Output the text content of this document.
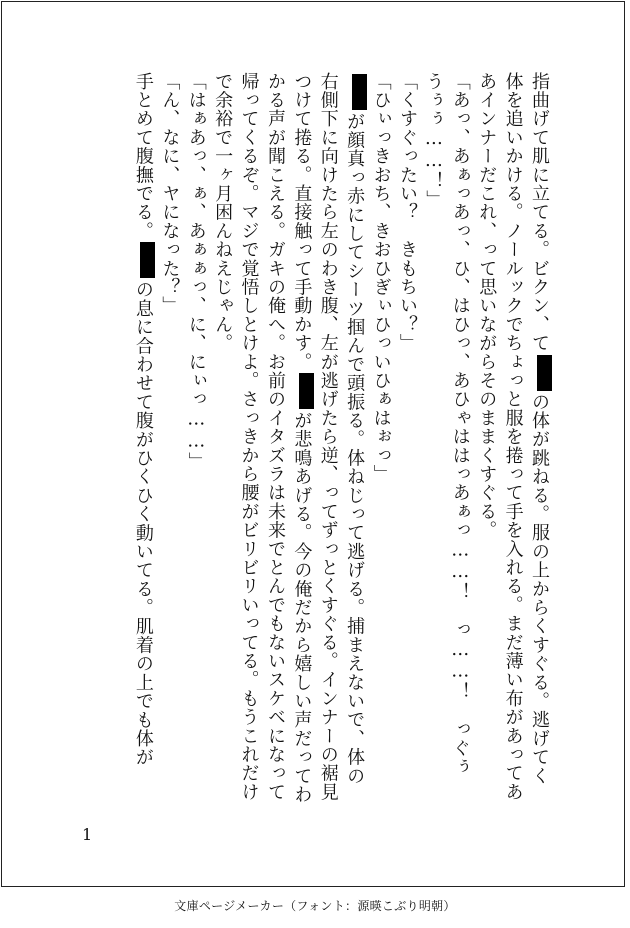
指曲げて肌に立てる。ビクン、ての体が跳ねる。服の上からくすぐる。逃げてく
体を追いかける。ノールックでちょっと服を捲って手を入れる。まだ薄い布があってあ
あインナーだこれ、って思いながらそのままくすぐる。
「あっ、あぁっあっ、ひ、はひっ、あひゃははっあぁっ……！　っ……！　っぐぅ
うぅぅ……！」
「くすぐったい？　きもちい？」
「ひぃっきおち、きおひぎぃひっいひぁはぉっ」
が顔真っ赤にしてシーツ掴んで頭振る。体ねじって逃げる。捕まえないで、体の
右側下に向けたら左のわき腹、左が逃げたら逆、ってずっとくすぐる。インナーの裾見
つけて捲る。直接触って手動かす。が悲鳴あげる。今の俺だから嬉しい声だってわ
かる声が聞こえる。ガキの俺へ。お前のイタズラは未来でとんでもないスケベになって
帰ってくるぞ。マジで覚悟しとけよ。さっきから腰がビリビリいってる。もうこれだけ
で余裕で一ヶ月困んねえじゃん。
「はぁあっ、ぁ、あぁぁっ、に、にぃっ……」
「ん、なに、ヤになった？」
手とめて腹撫でる。の息に合わせて腹がひくひく動いてる。肌着の上でも体が
1
文庫ページメーカー（フォント：源暎こぶり明朝）
